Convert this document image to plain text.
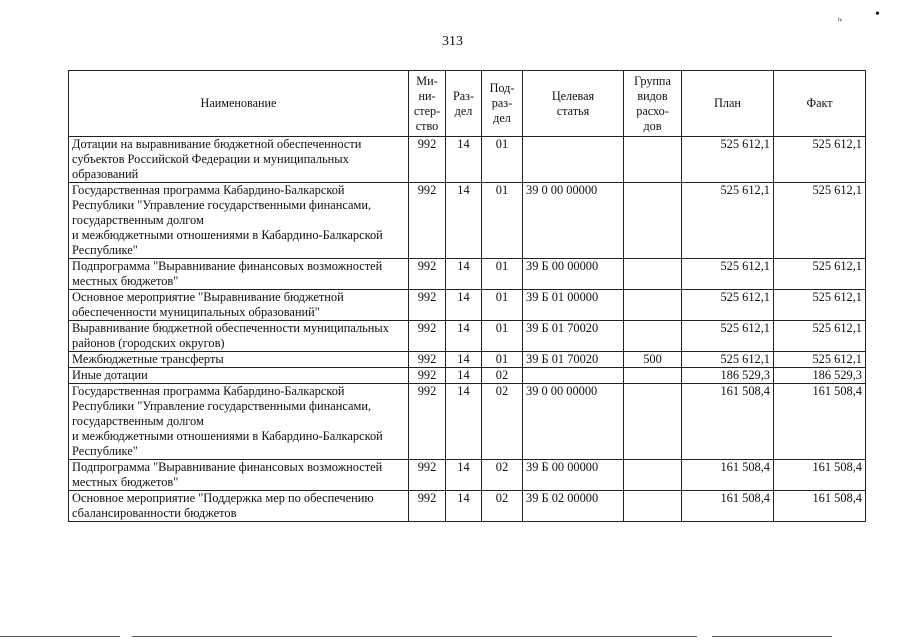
313
ᵢ, •
Наименование	Ми-
ни-
стер-
ство	Раз-
дел	Под-
раз-
дел	Целевая
статья	Группа
видов
расхо-
дов	План	Факт
Дотации на выравнивание бюджетной обеспеченности субъектов Российской Федерации и муниципальных образований	992	14	01			525 612,1	525 612,1
Государственная программа Кабардино-Балкарской Республики "Управление государственными финансами, государственным долгом
и межбюджетными отношениями в Кабардино-Балкарской Республике"	992	14	01	39 0 00 00000		525 612,1	525 612,1
Подпрограмма "Выравнивание финансовых возможностей местных бюджетов"	992	14	01	39 Б 00 00000		525 612,1	525 612,1
Основное мероприятие "Выравнивание бюджетной обеспеченности муниципальных образований"	992	14	01	39 Б 01 00000		525 612,1	525 612,1
Выравнивание бюджетной обеспеченности муниципальных районов (городских округов)	992	14	01	39 Б 01 70020		525 612,1	525 612,1
Межбюджетные трансферты	992	14	01	39 Б 01 70020	500	525 612,1	525 612,1
Иные дотации	992	14	02			186 529,3	186 529,3
Государственная программа Кабардино-Балкарской Республики "Управление государственными финансами, государственным долгом
и межбюджетными отношениями в Кабардино-Балкарской Республике"	992	14	02	39 0 00 00000		161 508,4	161 508,4
Подпрограмма "Выравнивание финансовых возможностей местных бюджетов"	992	14	02	39 Б 00 00000		161 508,4	161 508,4
Основное мероприятие "Поддержка мер по обеспечению сбалансированности бюджетов	992	14	02	39 Б 02 00000		161 508,4	161 508,4
